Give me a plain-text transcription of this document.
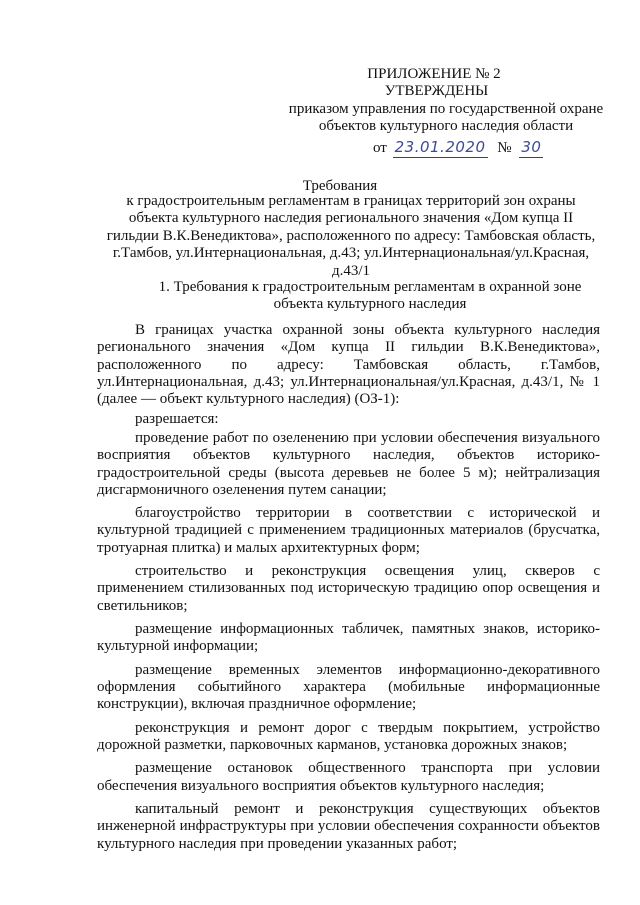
ПРИЛОЖЕНИЕ № 2
УТВЕРЖДЕНЫ
приказом управления по государственной охране
объектов культурного наследия области
от 23.01.2020 № 30
Требования
к градостроительным регламентам в границах территорий зон охраны объекта культурного наследия регионального значения «Дом купца II гильдии В.К.Венедиктова», расположенного по адресу: Тамбовская область, г.Тамбов, ул.Интернациональная, д.43; ул.Интернациональная/ул.Красная, д.43/1
1. Требования к градостроительным регламентам в охранной зоне объекта культурного наследия

В границах участка охранной зоны объекта культурного наследия регионального значения «Дом купца II гильдии В.К.Венедиктова», расположенного по адресу: Тамбовская область, г.Тамбов, ул.Интернациональная, д.43; ул.Интернациональная/ул.Красная, д.43/1, № 1 (далее — объект культурного наследия) (ОЗ-1):

разрешается:

проведение работ по озеленению при условии обеспечения визуального восприятия объектов культурного наследия, объектов историко-градостроительной среды (высота деревьев не более 5 м); нейтрализация дисгармоничного озеленения путем санации;

благоустройство территории в соответствии с исторической и культурной традицией с применением традиционных материалов (брусчатка, тротуарная плитка) и малых архитектурных форм;

строительство и реконструкция освещения улиц, скверов с применением стилизованных под историческую традицию опор освещения и светильников;

размещение информационных табличек, памятных знаков, историко-культурной информации;

размещение временных элементов информационно-декоративного оформления событийного характера (мобильные информационные конструкции), включая праздничное оформление;

реконструкция и ремонт дорог с твердым покрытием, устройство дорожной разметки, парковочных карманов, установка дорожных знаков;

размещение остановок общественного транспорта при условии обеспечения визуального восприятия объектов культурного наследия;

капитальный ремонт и реконструкция существующих объектов инженерной инфраструктуры при условии обеспечения сохранности объектов культурного наследия при проведении указанных работ;
